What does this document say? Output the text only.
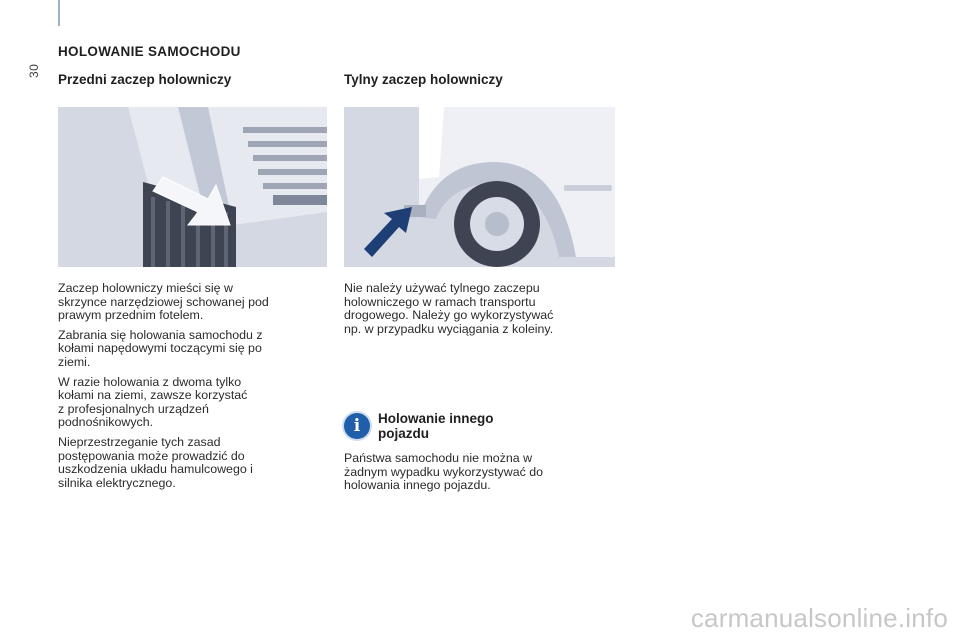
30
HOLOWANIE SAMOCHODU
Przedni zaczep holowniczy

Zaczep holowniczy mieści się w
skrzynce narzędziowej schowanej pod
prawym przednim fotelem.

Zabrania się holowania samochodu z
kołami napędowymi toczącymi się po
ziemi.

W razie holowania z dwoma tylko
kołami na ziemi, zawsze korzystać
z profesjonalnych urządzeń
podnośnikowych.

Nieprzestrzeganie tych zasad
postępowania może prowadzić do
uszkodzenia układu hamulcowego i
silnika elektrycznego.

Tylny zaczep holowniczy

Nie należy używać tylnego zaczepu
holowniczego w ramach transportu
drogowego. Należy go wykorzystywać
np. w przypadku wyciągania z koleiny.

i	Holowanie innego
pojazdu

Państwa samochodu nie można w
żadnym wypadku wykorzystywać do
holowania innego pojazdu.

carmanualsonline.info
